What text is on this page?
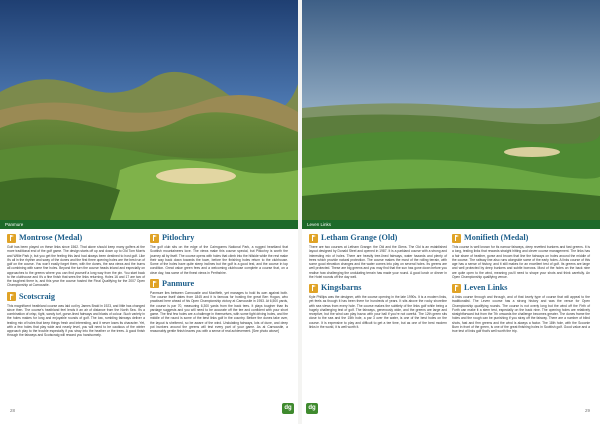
Panmure	Leven Links
Montrose (Medal)

Golf has been played on these links since 1562. That alone should keep many golfers at the more traditional end of the golf game. The design starts off up and down up to Old Tom Morris and Willie Park jr, but you get the feeling this land had always been destined to host golf. Like it's all in the rhythm and sway of the dunes and the first three opening holes are the best run of golf on the course. You won't easily forget them, with the dunes, the sea views and the burns all combining with some fine holes. Beyond the turn the course heads inland and especially on approaches to the greens where you can find yourself a long way from the pin. You start back to the clubhouse and it's a fine finish that sees the links returning. Holes 16 and 17 are two of the toughest there is, and this year the course hosted the Final Qualifying for the 2007 Open Championship at Carnoustie.

Scotscraig

This magnificent heathland course was laid out by James Braid in 1923, and little has changed since then. The course's heathland feel lends it an air of distance from the North Sea. It's a combination of crisp, tight, sandy turf, gorse-lined fairways and blasts of colour. Such variety in the holes makes for long and enjoyable rounds of golf. The low, rumbling fairways deliver a testing mix of holes that keep things fresh and interesting, and it never loses its character. Yet, with a few holes that play wide and nearly level, you will need to be cautious of the winter approach play to the trouble especially if you stray into the heather or the trees. A good finish through the fairways and Scotscraig will reward you handsomely.

Pitlochry

The golf club sits on the edge of the Cairngorms National Park, a rugged heartland that Scottish mountaineers love. The views make this course special, but Pitlochry is worth the journey all by itself. The course opens with holes that climb into the hillside while the rest make their way back down towards the town, before the finishing holes return to the clubhouse. Some of the holes have quite steep inclines but the golf is a good test, and the course in top condition. Great value green fees and a welcoming clubhouse complete a course that, on a clear day, has some of the finest views in Perthshire.

Panmure

Panmure lies between Carnoustie and Monifieth, yet manages to hold its own against both. The course itself dates from 1845 and it is famous for hosting the great Ben Hogan, who practised here ahead of his Open Championship victory at Carnoustie in 1953. At 6,500 yards, the course is par 70, measuring 6,300 yards from the back tees. It plays tougher than its yardage suggests and you will need to be accurate off the tee and confident with your short game. The first few holes are a challenge in themselves, with some tight driving holes, and the middle of the round is some of the best links golf in the country. Before the dunes take over, the layout is sheltered, so be aware of the wind. Undulating fairways, lots of dune, and deep pot bunkers around the greens will test every part of your game. As at Carnoustie, a reasonably gentle finish leaves you with a sense of real achievement. [See photo above]

Letham Grange (Old)

There are two courses at Letham Grange: the Old and the Glens. The Old is an established layout designed by Donald Steel and opened in 1987. It is a parkland course with a strong and interesting mix of holes. There are heavily tree-lined fairways, water hazards and plenty of trees which provide natural protection. The course makes the most of the rolling terrain, with some good elevation changes and the water comes into play on several holes. Its greens are well protected. These are big greens and you may find that the sun has gone down before you realise how challenging the undulating terrain has made your round. A good lunch or dinner in the Hotel rounds off the day well.

Kingsbarns

Kyle Phillips was the designer, with the course opening in the late 1990s. It is a modern links, yet feels as though it has been there for hundreds of years. It sits above the rocky shoreline with sea views from every hole. The course makes the subtlety of the links golf while being a hugely challenging test of golf. The fairways, generously wide, and the greens are large and receptive, but the wind can play havoc with your ball if you're not careful. The 12th green sits close to the sea and the 15th hole, a par 3 over the water, is one of the best holes on the course. It is expensive to play and difficult to get a tee time, but as one of the best modern links in the world, it is well worth it.

Monifieth (Medal)

This course is well known for its narrow fairways, deep revetted bunkers and fast greens. It is a long, testing links that rewards straight hitting and clever course management. The links has a fair share of heather, gorse and broom that line the fairways on holes around the middle of the course. The railway line also runs alongside some of the early holes. A links course of this age has a sense of history, and it still makes for an excellent test of golf. Its greens are large and well protected by deep bunkers and subtle borrows. Most of the holes on the back nine are quite open to the wind, meaning you'll need to shape your shots and think carefully. An Open Championship qualifying venue.

Leven Links

A links course through and through, and of that lovely type of course that will appeal to the traditionalist. The Leven course has a strong history and was the venue for Open Championship qualifying rounds. The course is not overly long but the wind off the Firth of Forth can make it a stern test, especially on the back nine. The opening holes are relatively straightforward but from the 7th onwards the challenge becomes greater. The dunes frame the holes and the rough can be punishing if you stray off the fairway. There are a number of blind shots, fast and firm greens and the wind is always a factor. The 18th hole, with the Scoonie Burn in front of the green, is one of the great finishing holes in Scottish golf. Good value and a true test of links golf that's well worth the trip.

28	29
dg	dg
